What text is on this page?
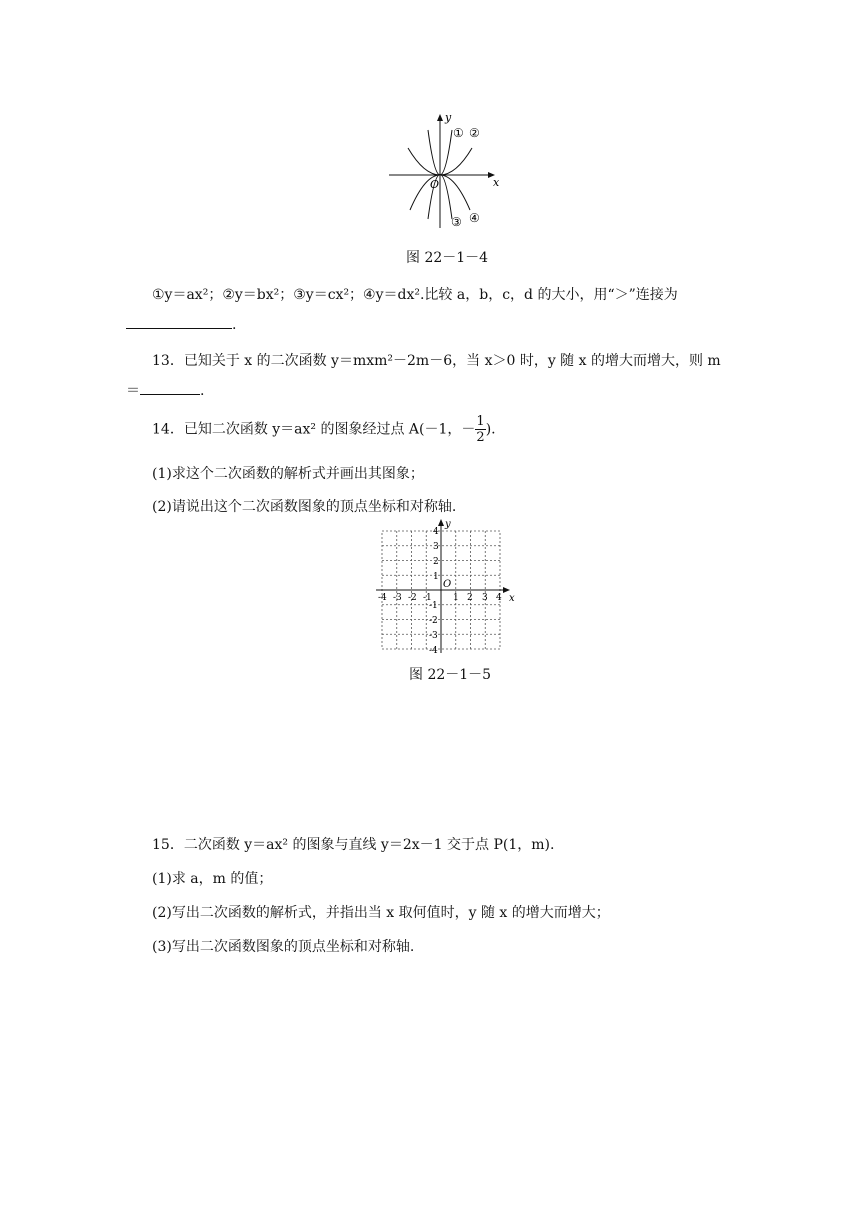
y
x
O
① ②
③ ④
图 22－1－4
①y＝ax²；②y＝bx²；③y＝cx²；④y＝dx².比较 a，b，c，d 的大小，用“＞”连接为
.
13．已知关于 x 的二次函数 y＝mxm²－2m－6，当 x＞0 时，y 随 x 的增大而增大，则 m
＝	.
14．已知二次函数 y＝ax² 的图象经过点 A(－1，－ $\frac{1}{2}$ ).
(1)求这个二次函数的解析式并画出其图象；
(2)请说出这个二次函数图象的顶点坐标和对称轴.
y
x
O
-4 -3 -2 -1 1 2 3 4
4
3
2
1
-1
-2
-3
-4
图 22－1－5
15．二次函数 y＝ax² 的图象与直线 y＝2x－1 交于点 P(1，m).
(1)求 a，m 的值；
(2)写出二次函数的解析式，并指出当 x 取何值时，y 随 x 的增大而增大；
(3)写出二次函数图象的顶点坐标和对称轴.
